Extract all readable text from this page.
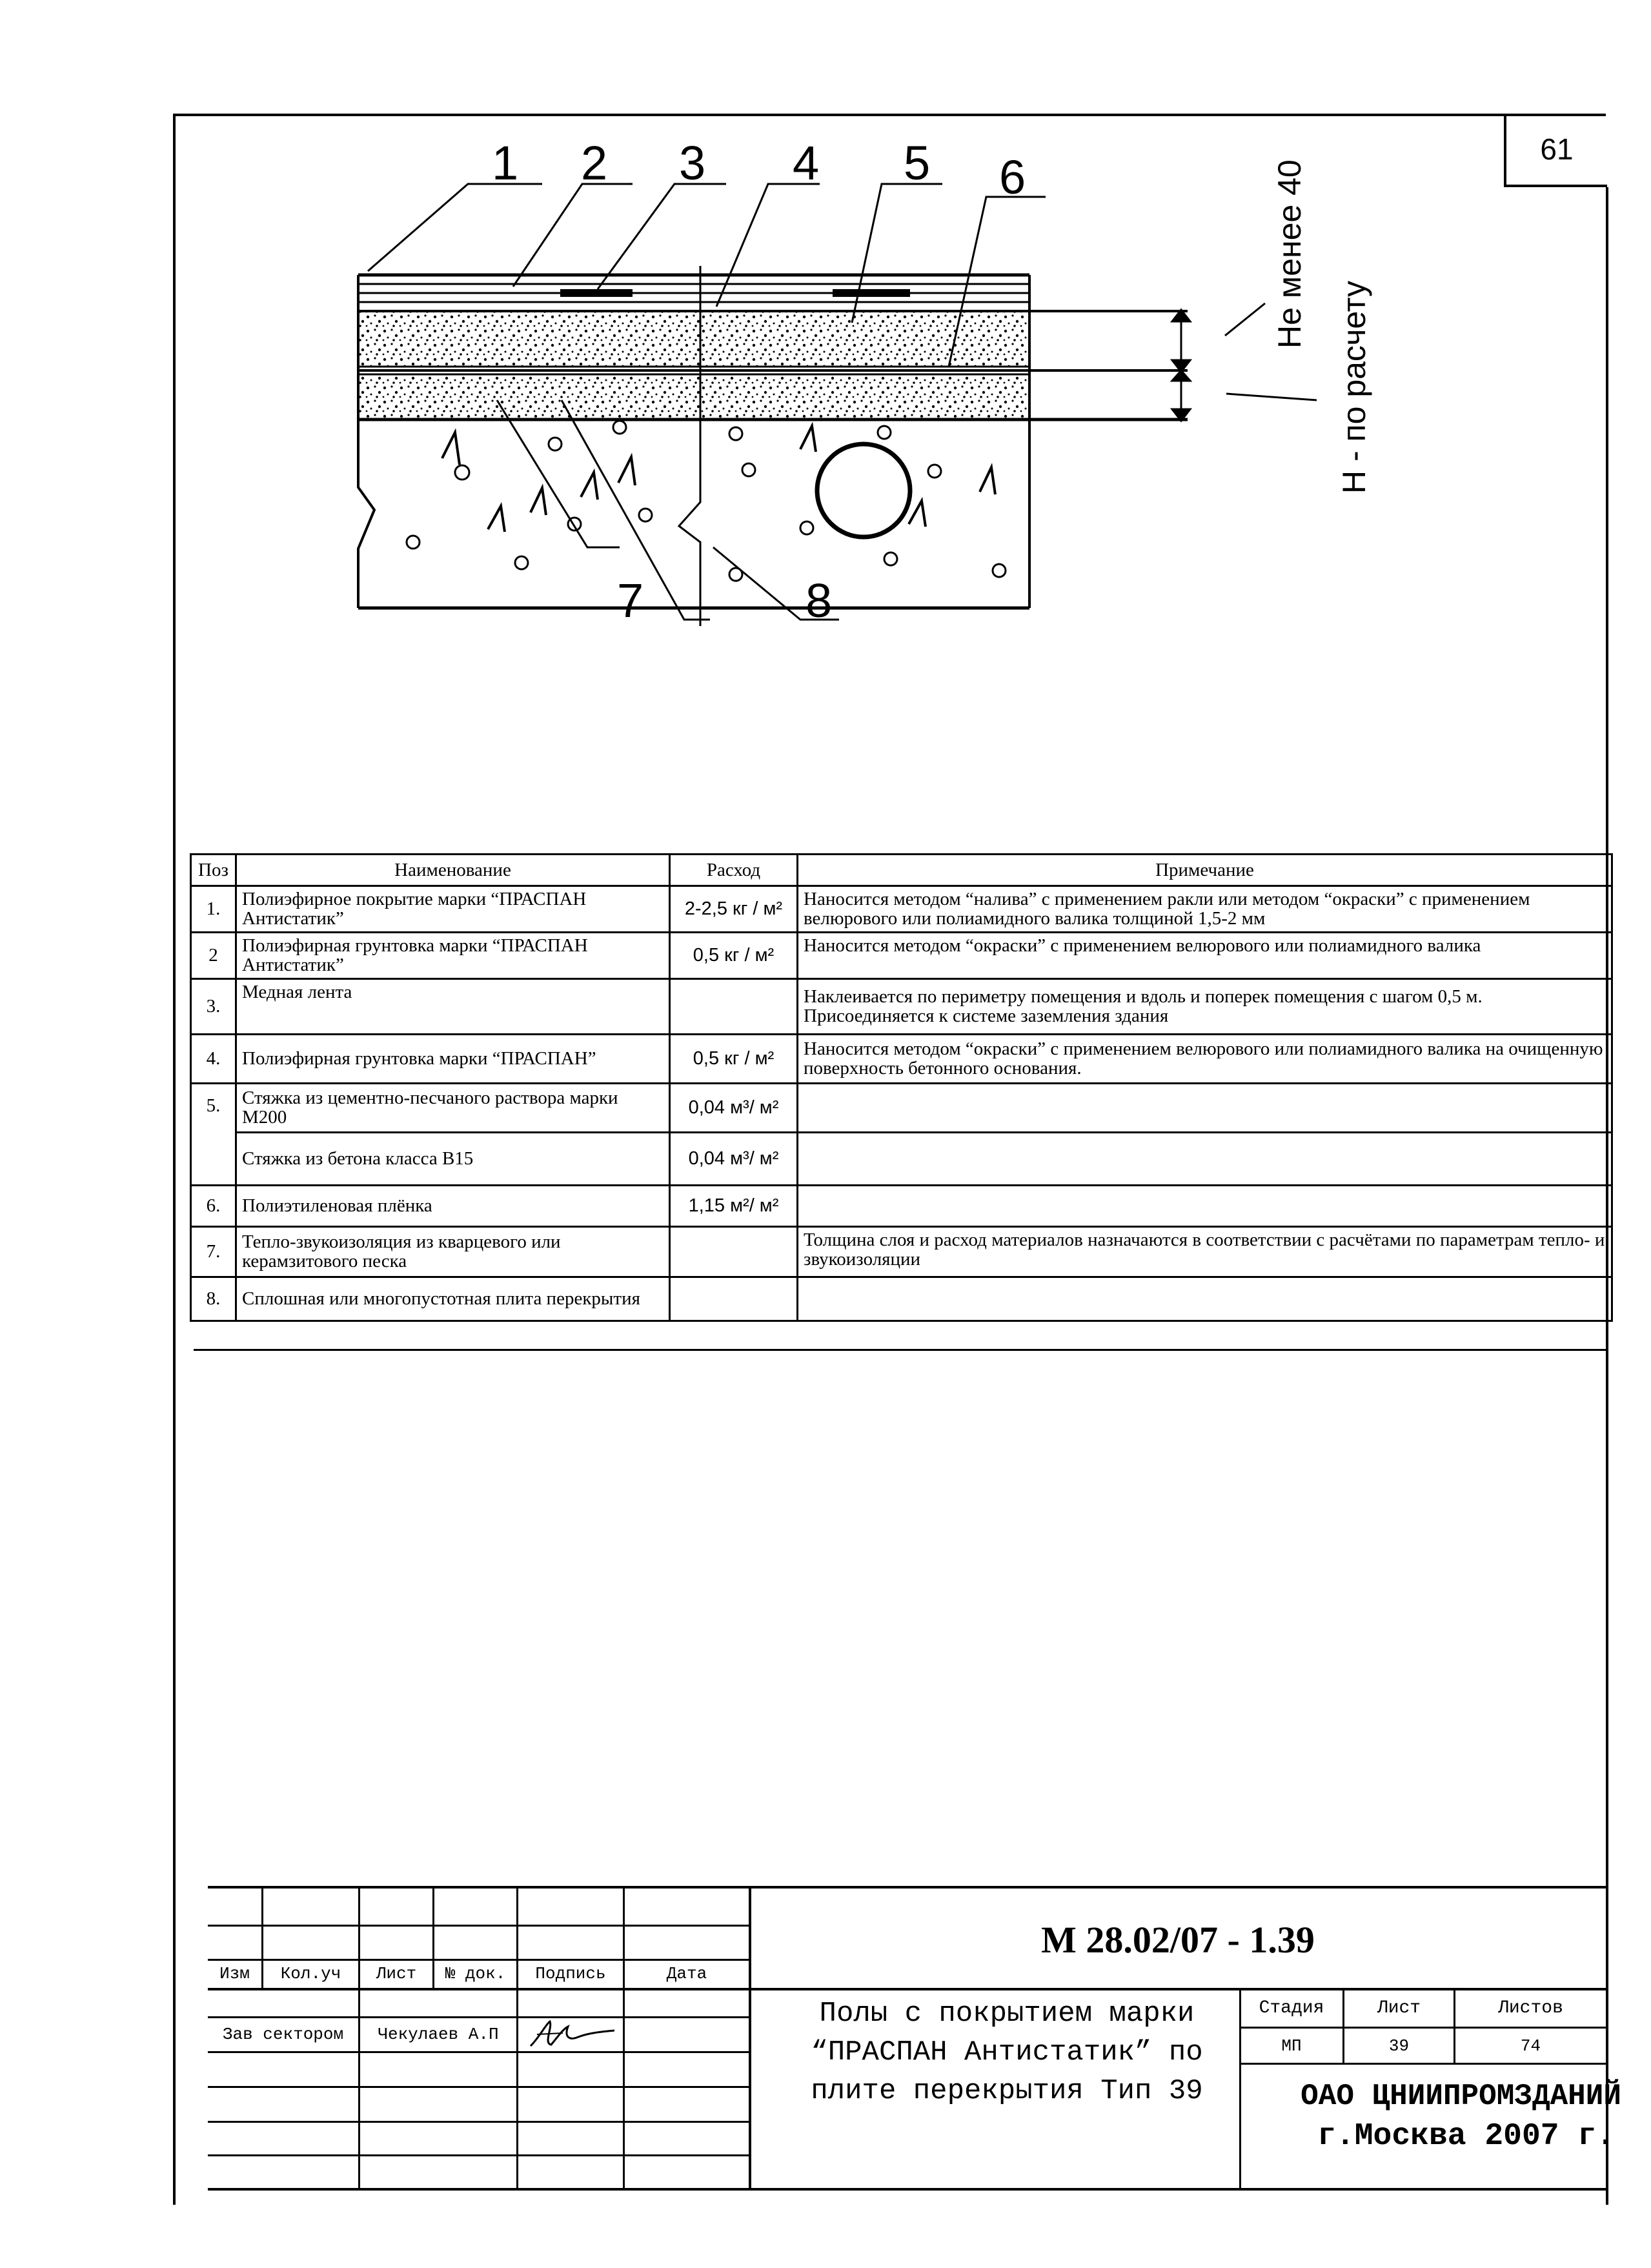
61
1 2 3 4 5 6
7	8
Не менее 40
Н - по расчету
Поз	Наименование	Расход	Примечание
1.	Полиэфирное покрытие марки “ПРАСПАН Антистатик”	2-2,5 кг / м²	Наносится методом “налива” с применением ракли или методом “окраски” с применением велюрового или полиамидного валика толщиной 1,5-2 мм
2	Полиэфирная грунтовка марки “ПРАСПАН Антистатик”	0,5 кг / м²	Наносится методом “окраски” с применением велюрового или полиамидного валика
3.	Медная лента		Наклеивается по периметру помещения и вдоль и поперек помещения с шагом 0,5 м. Присоединяется к системе заземления здания
4.	Полиэфирная грунтовка марки “ПРАСПАН”	0,5 кг / м²	Наносится методом “окраски” с применением велюрового или полиамидного валика на очищенную поверхность бетонного основания.
5.	Стяжка из цементно-песчаного раствора марки М200	0,04 м³/ м²	
	Стяжка из бетона класса В15	0,04 м³/ м²	
6.	Полиэтиленовая плёнка	1,15 м²/ м²	
7.	Тепло-звукоизоляция из кварцевого или керамзитового песка		Толщина слоя и расход материалов назначаются в соответствии с расчётами по параметрам тепло- и звукоизоляции
8.	Сплошная или многопустотная плита перекрытия		
Изм	Кол.уч	Лист	№ док.	Подпись	Дата
Зав сектором	Чекулаев А.П
М 28.02/07 - 1.39
Полы с покрытием марки
“ПРАСПАН Антистатик” по
плите перекрытия Тип 39
Стадия	Лист	Листов
МП	39	74
ОАО ЦНИИПРОМЗДАНИЙ
г.Москва 2007 г.
